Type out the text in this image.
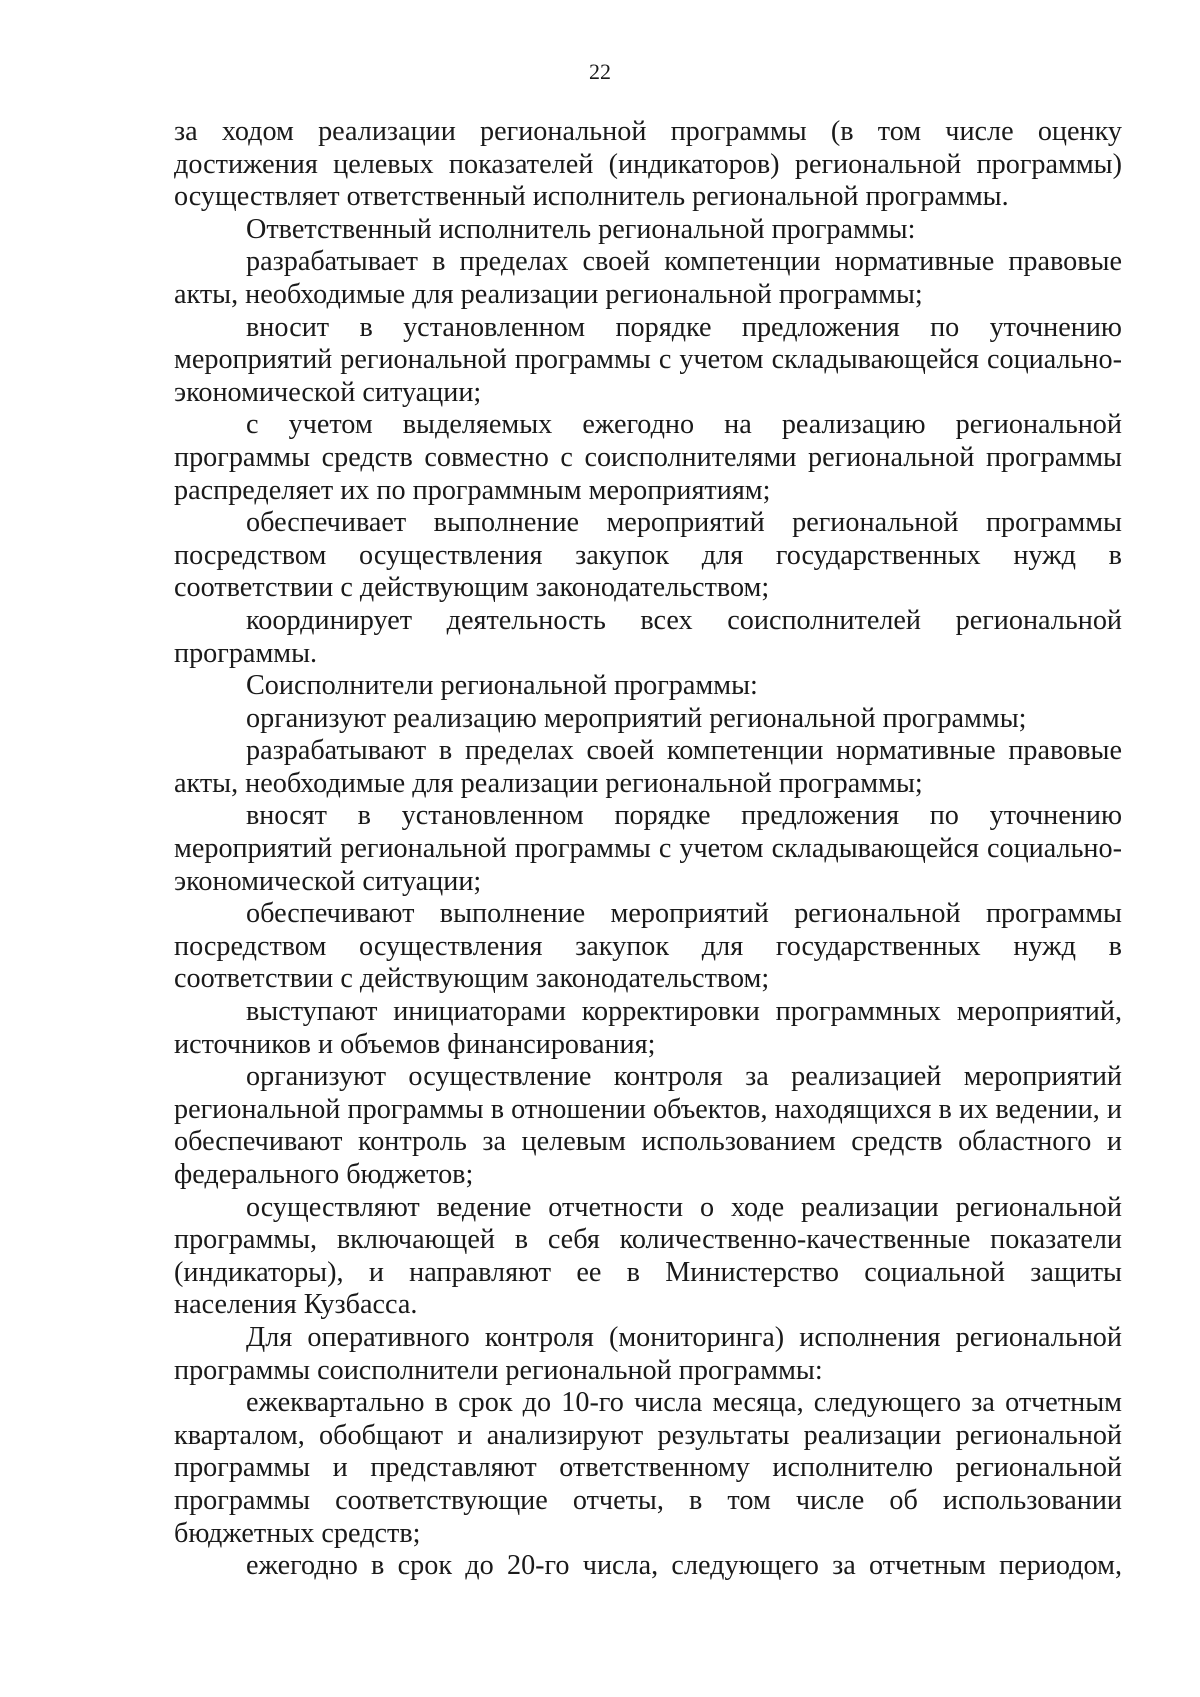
22

за ходом реализации региональной программы (в том числе оценку достижения целевых показателей (индикаторов) региональной программы) осуществляет ответственный исполнитель региональной программы.

Ответственный исполнитель региональной программы:

разрабатывает в пределах своей компетенции нормативные правовые акты, необходимые для реализации региональной программы;

вносит в установленном порядке предложения по уточнению мероприятий региональной программы с учетом складывающейся социально-экономической ситуации;

с учетом выделяемых ежегодно на реализацию региональной программы средств совместно с соисполнителями региональной программы распределяет их по программным мероприятиям;

обеспечивает выполнение мероприятий региональной программы посредством осуществления закупок для государственных нужд в соответствии с действующим законодательством;

координирует деятельность всех соисполнителей региональной программы.

Соисполнители региональной программы:

организуют реализацию мероприятий региональной программы;

разрабатывают в пределах своей компетенции нормативные правовые акты, необходимые для реализации региональной программы;

вносят в установленном порядке предложения по уточнению мероприятий региональной программы с учетом складывающейся социально-экономической ситуации;

обеспечивают выполнение мероприятий региональной программы посредством осуществления закупок для государственных нужд в соответствии с действующим законодательством;

выступают инициаторами корректировки программных мероприятий, источников и объемов финансирования;

организуют осуществление контроля за реализацией мероприятий региональной программы в отношении объектов, находящихся в их ведении, и обеспечивают контроль за целевым использованием средств областного и федерального бюджетов;

осуществляют ведение отчетности о ходе реализации региональной программы, включающей в себя количественно-качественные показатели (индикаторы), и направляют ее в Министерство социальной защиты населения Кузбасса.

Для оперативного контроля (мониторинга) исполнения региональной программы соисполнители региональной программы:

ежеквартально в срок до 10-го числа месяца, следующего за отчетным кварталом, обобщают и анализируют результаты реализации региональной программы и представляют ответственному исполнителю региональной программы соответствующие отчеты, в том числе об использовании бюджетных средств;

ежегодно в срок до 20-го числа, следующего за отчетным периодом,
